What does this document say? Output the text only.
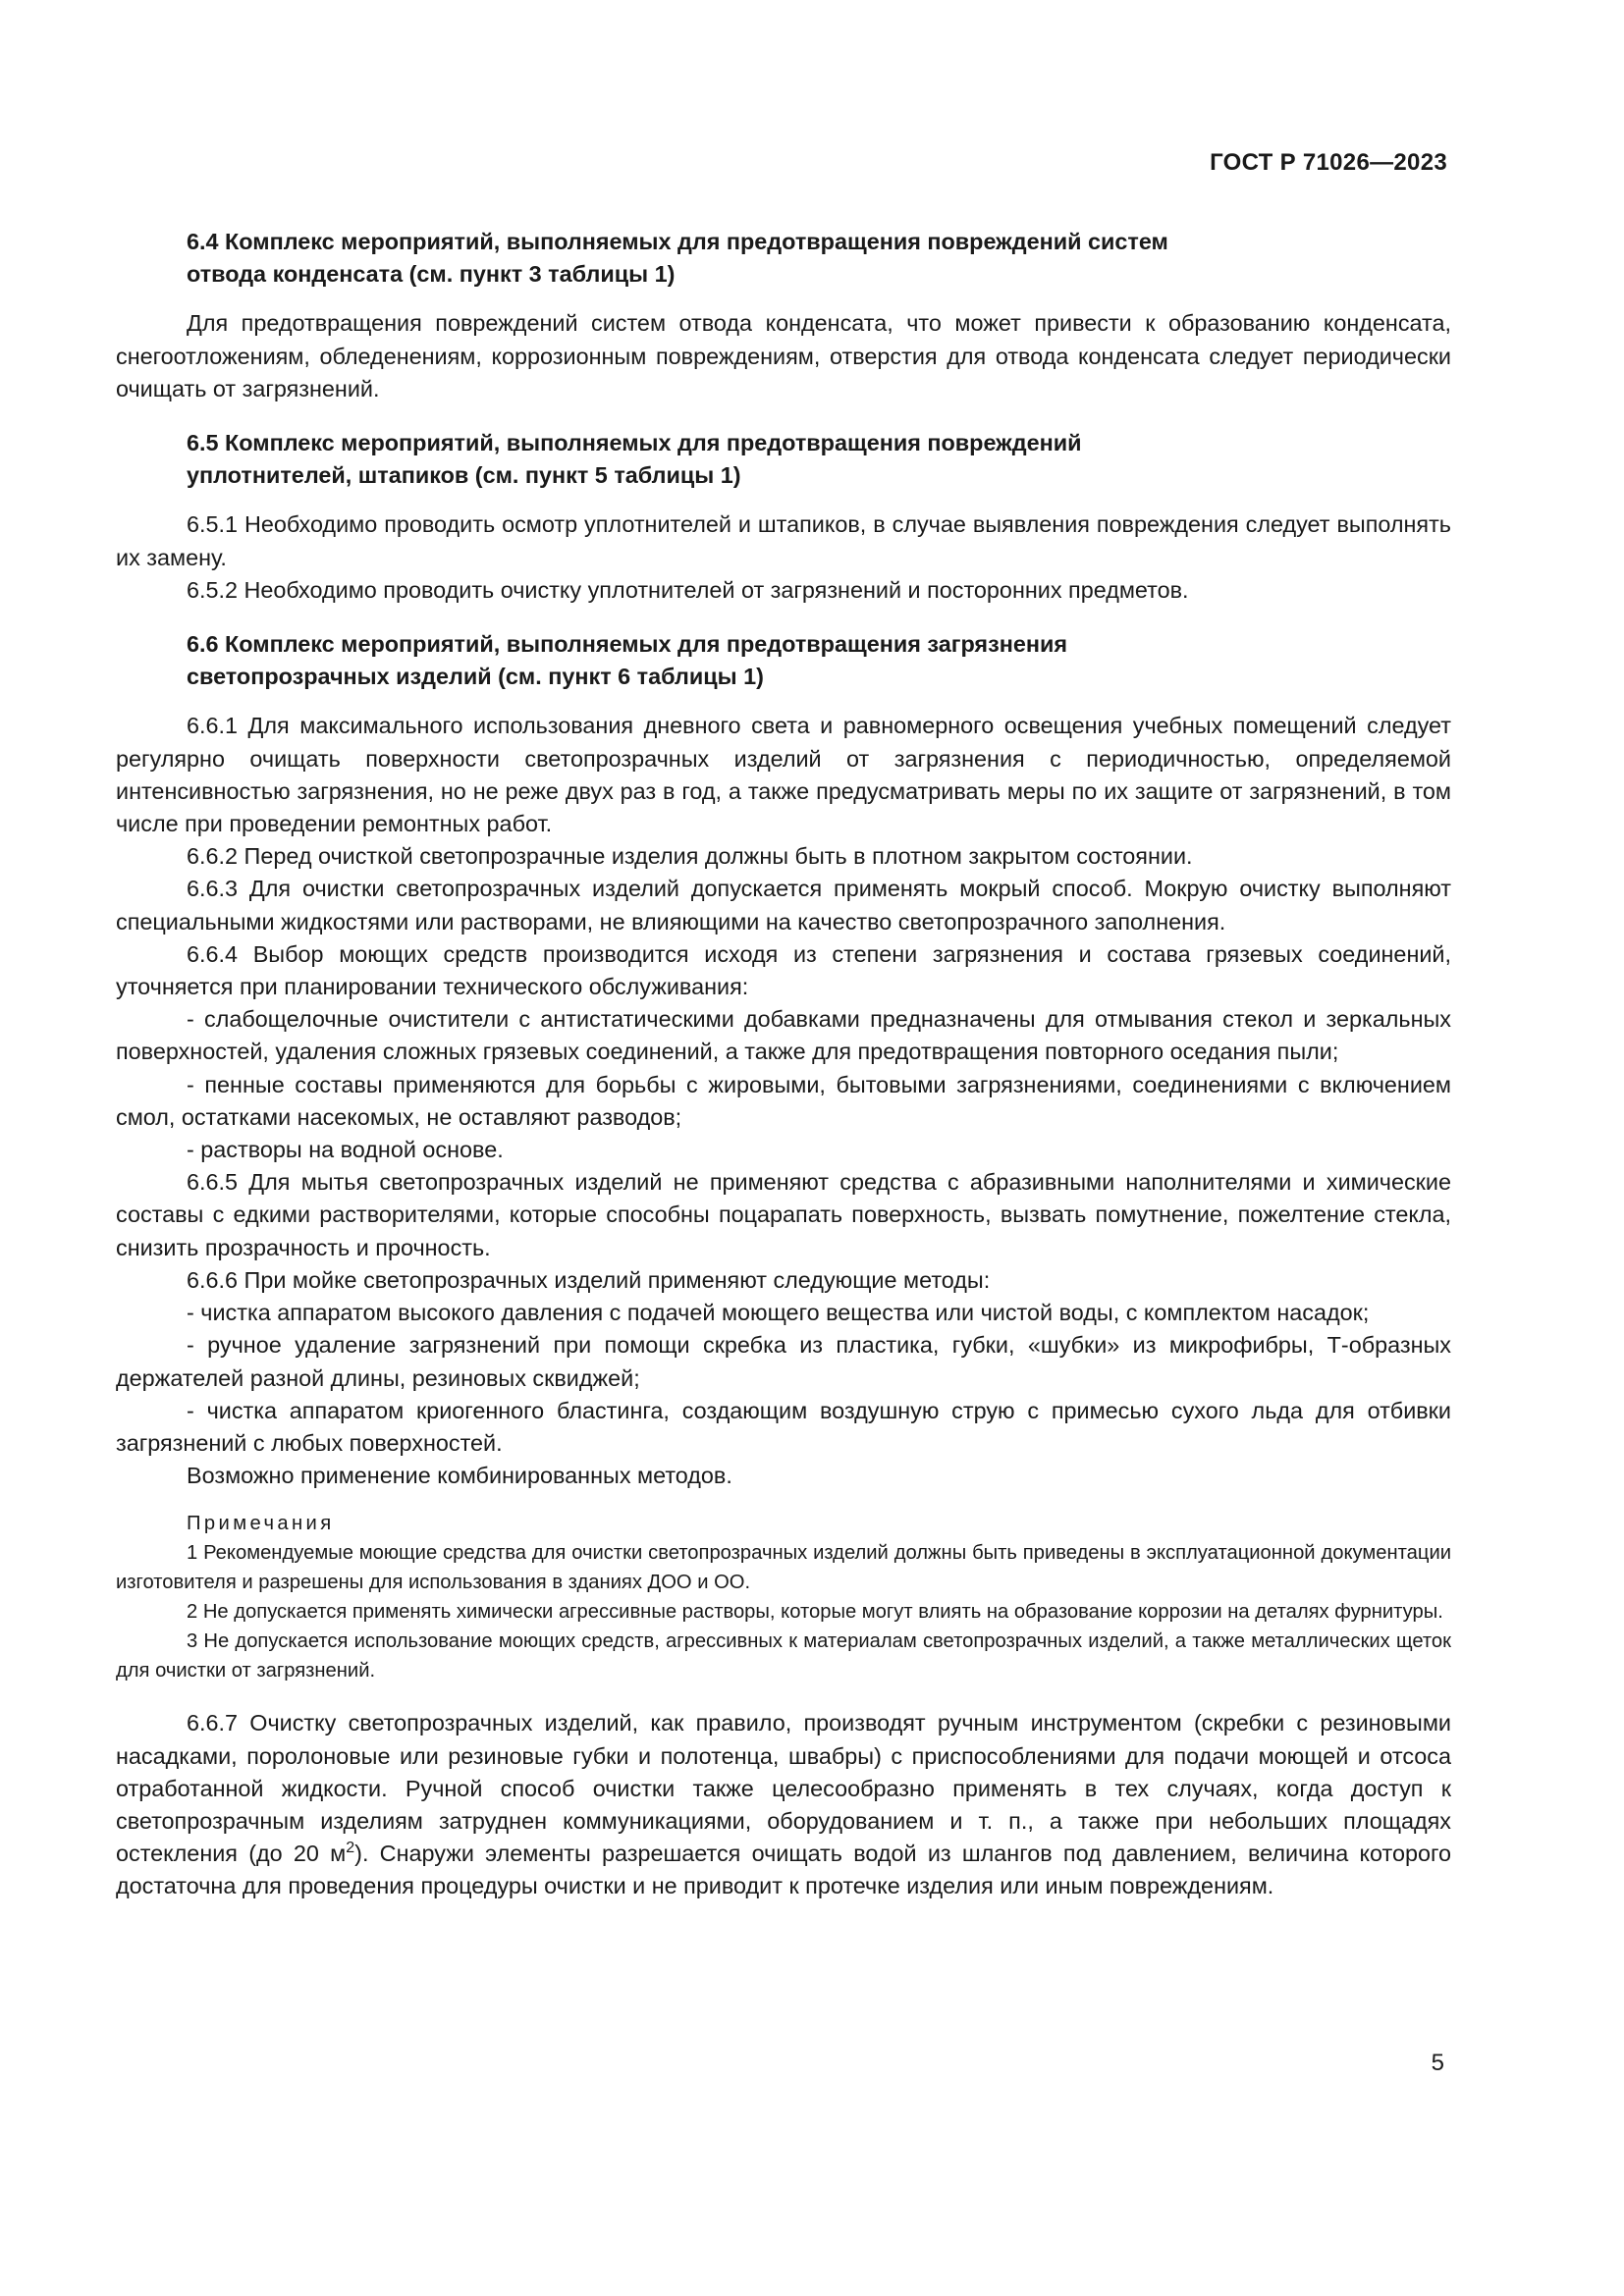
ГОСТ Р 71026—2023
6.4 Комплекс мероприятий, выполняемых для предотвращения повреждений систем
отвода конденсата (см. пункт 3 таблицы 1)

Для предотвращения повреждений систем отвода конденсата, что может привести к образованию конденсата, снегоотложениям, обледенениям, коррозионным повреждениям, отверстия для отвода конденсата следует периодически очищать от загрязнений.

6.5 Комплекс мероприятий, выполняемых для предотвращения повреждений
уплотнителей, штапиков (см. пункт 5 таблицы 1)

6.5.1 Необходимо проводить осмотр уплотнителей и штапиков, в случае выявления повреждения следует выполнять их замену.

6.5.2 Необходимо проводить очистку уплотнителей от загрязнений и посторонних предметов.

6.6 Комплекс мероприятий, выполняемых для предотвращения загрязнения
светопрозрачных изделий (см. пункт 6 таблицы 1)

6.6.1 Для максимального использования дневного света и равномерного освещения учебных помещений следует регулярно очищать поверхности светопрозрачных изделий от загрязнения с периодичностью, определяемой интенсивностью загрязнения, но не реже двух раз в год, а также предусматривать меры по их защите от загрязнений, в том числе при проведении ремонтных работ.

6.6.2 Перед очисткой светопрозрачные изделия должны быть в плотном закрытом состоянии.

6.6.3 Для очистки светопрозрачных изделий допускается применять мокрый способ. Мокрую очистку выполняют специальными жидкостями или растворами, не влияющими на качество светопрозрачного заполнения.

6.6.4 Выбор моющих средств производится исходя из степени загрязнения и состава грязевых соединений, уточняется при планировании технического обслуживания:

- слабощелочные очистители с антистатическими добавками предназначены для отмывания стекол и зеркальных поверхностей, удаления сложных грязевых соединений, а также для предотвращения повторного оседания пыли;

- пенные составы применяются для борьбы с жировыми, бытовыми загрязнениями, соединениями с включением смол, остатками насекомых, не оставляют разводов;

- растворы на водной основе.

6.6.5 Для мытья светопрозрачных изделий не применяют средства с абразивными наполнителями и химические составы с едкими растворителями, которые способны поцарапать поверхность, вызвать помутнение, пожелтение стекла, снизить прозрачность и прочность.

6.6.6 При мойке светопрозрачных изделий применяют следующие методы:

- чистка аппаратом высокого давления с подачей моющего вещества или чистой воды, с комплектом насадок;

- ручное удаление загрязнений при помощи скребка из пластика, губки, «шубки» из микрофибры, Т-образных держателей разной длины, резиновых сквиджей;

- чистка аппаратом криогенного бластинга, создающим воздушную струю с примесью сухого льда для отбивки загрязнений с любых поверхностей.

Возможно применение комбинированных методов.

Примечания

1 Рекомендуемые моющие средства для очистки светопрозрачных изделий должны быть приведены в эксплуатационной документации изготовителя и разрешены для использования в зданиях ДОО и ОО.

2 Не допускается применять химически агрессивные растворы, которые могут влиять на образование коррозии на деталях фурнитуры.

3 Не допускается использование моющих средств, агрессивных к материалам светопрозрачных изделий, а также металлических щеток для очистки от загрязнений.

6.6.7 Очистку светопрозрачных изделий, как правило, производят ручным инструментом (скребки с резиновыми насадками, поролоновые или резиновые губки и полотенца, швабры) с приспособлениями для подачи моющей и отсоса отработанной жидкости. Ручной способ очистки также целесообразно применять в тех случаях, когда доступ к светопрозрачным изделиям затруднен коммуникациями, оборудованием и т. п., а также при небольших площадях остекления (до 20 $м^2$). Снаружи элементы разрешается очищать водой из шлангов под давлением, величина которого достаточна для проведения процедуры очистки и не приводит к протечке изделия или иным повреждениям.

5
